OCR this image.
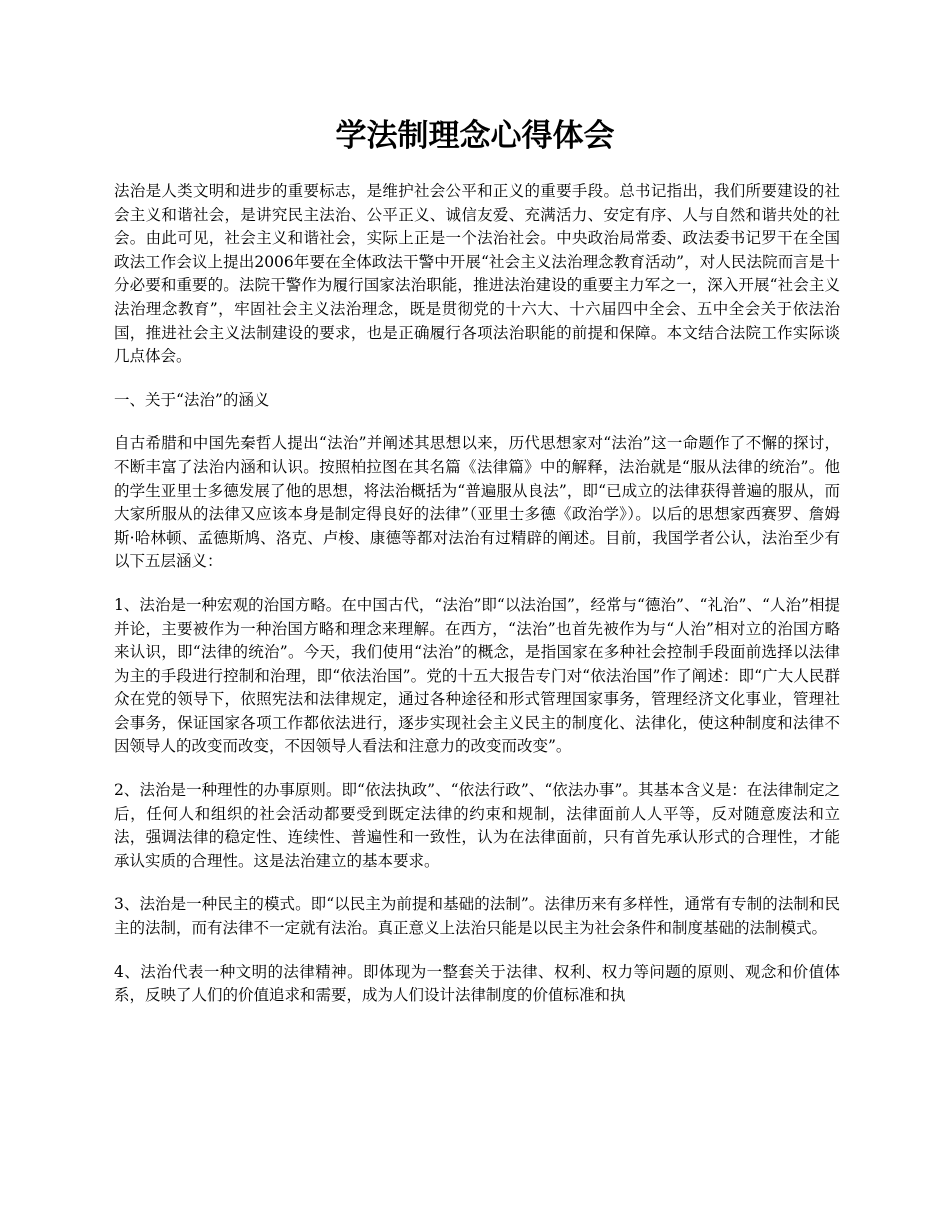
学法制理念心得体会

法治是人类文明和进步的重要标志，是维护社会公平和正义的重要手段。总书记指出，我们所要建设的社会主义和谐社会，是讲究民主法治、公平正义、诚信友爱、充满活力、安定有序、人与自然和谐共处的社会。由此可见，社会主义和谐社会，实际上正是一个法治社会。中央政治局常委、政法委书记罗干在全国政法工作会议上提出2006年要在全体政法干警中开展“社会主义法治理念教育活动”，对人民法院而言是十分必要和重要的。法院干警作为履行国家法治职能，推进法治建设的重要主力军之一，深入开展“社会主义法治理念教育”，牢固社会主义法治理念，既是贯彻党的十六大、十六届四中全会、五中全会关于依法治国，推进社会主义法制建设的要求，也是正确履行各项法治职能的前提和保障。本文结合法院工作实际谈几点体会。

一、关于“法治”的涵义

自古希腊和中国先秦哲人提出“法治”并阐述其思想以来，历代思想家对“法治”这一命题作了不懈的探讨，不断丰富了法治内涵和认识。按照柏拉图在其名篇《法律篇》中的解释，法治就是“服从法律的统治”。他的学生亚里士多德发展了他的思想，将法治概括为“普遍服从良法”，即“已成立的法律获得普遍的服从，而大家所服从的法律又应该本身是制定得良好的法律”（亚里士多德《政治学》）。以后的思想家西赛罗、詹姆斯·哈林顿、孟德斯鸠、洛克、卢梭、康德等都对法治有过精辟的阐述。目前，我国学者公认，法治至少有以下五层涵义：

1、法治是一种宏观的治国方略。在中国古代，“法治”即“以法治国”，经常与“德治”、“礼治”、“人治”相提并论，主要被作为一种治国方略和理念来理解。在西方，“法治”也首先被作为与“人治”相对立的治国方略来认识，即“法律的统治”。今天，我们使用“法治”的概念，是指国家在多种社会控制手段面前选择以法律为主的手段进行控制和治理，即“依法治国”。党的十五大报告专门对“依法治国”作了阐述：即“广大人民群众在党的领导下，依照宪法和法律规定，通过各种途径和形式管理国家事务，管理经济文化事业，管理社会事务，保证国家各项工作都依法进行，逐步实现社会主义民主的制度化、法律化，使这种制度和法律不因领导人的改变而改变，不因领导人看法和注意力的改变而改变”。

2、法治是一种理性的办事原则。即“依法执政”、“依法行政”、“依法办事”。其基本含义是：在法律制定之后，任何人和组织的社会活动都要受到既定法律的约束和规制，法律面前人人平等，反对随意废法和立法，强调法律的稳定性、连续性、普遍性和一致性，认为在法律面前，只有首先承认形式的合理性，才能承认实质的合理性。这是法治建立的基本要求。

3、法治是一种民主的模式。即“以民主为前提和基础的法制”。法律历来有多样性，通常有专制的法制和民主的法制，而有法律不一定就有法治。真正意义上法治只能是以民主为社会条件和制度基础的法制模式。

4、法治代表一种文明的法律精神。即体现为一整套关于法律、权利、权力等问题的原则、观念和价值体系，反映了人们的价值追求和需要，成为人们设计法律制度的价值标准和执
